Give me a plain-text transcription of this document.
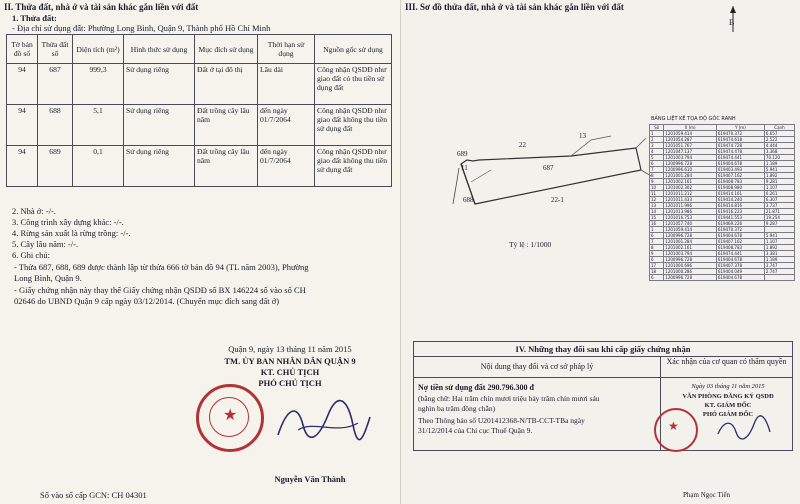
II. Thửa đất, nhà ở và tài sản khác gắn liền với đất
1. Thửa đất:
- Địa chỉ sử dụng đất: Phường Long Bình, Quận 9, Thành phố Hồ Chí Minh
Tờ bản đồ số	Thửa đất số	Diện tích (m²)	Hình thức sử dụng	Mục đích sử dụng	Thời hạn sử dụng	Nguồn gốc sử dụng
94	687	999,3	Sử dụng riêng	Đất ở tại đô thị	Lâu dài	Công nhận QSDĐ như giao đất có thu tiền sử dụng đất
94	688	5,1	Sử dụng riêng	Đất trồng cây lâu năm	đến ngày 01/7/2064	Công nhận QSDĐ như giao đất không thu tiền sử dụng đất
94	689	0,1	Sử dụng riêng	Đất trồng cây lâu năm	đến ngày 01/7/2064	Công nhận QSDĐ như giao đất không thu tiền sử dụng đất
2. Nhà ở: -/-.
3. Công trình xây dựng khác: -/-.
4. Rừng sản xuất là rừng trồng: -/-.
5. Cây lâu năm: -/-.
6. Ghi chú:
- Thửa 687, 688, 689 được thành lập từ thửa 666 tờ bản đồ 94 (TL năm 2003), Phường
Long Bình, Quận 9.
- Giấy chứng nhận này thay thế Giấy chứng nhận QSDĐ số BX 146224 số vào sổ CH
02646 do UBND Quận 9 cấp ngày 03/12/2014. (Chuyển mục đích sang đất ở)
Quận 9, ngày 13 tháng 11 năm 2015
TM. ỦY BAN NHÂN DÂN QUẬN 9
KT. CHỦ TỊCH
PHÓ CHỦ TỊCH
★
Nguyễn Văn Thành
Số vào sổ cấp GCN: CH 04301
III. Sơ đồ thửa đất, nhà ở và tài sản khác gắn liền với đất
B
689
22
13
11	687
688	22-1
Tỷ lệ : 1/1000
BẢNG LIỆT KÊ TỌA ĐỘ GÓC RANH
Số	X (m)	Y (m)	Cạnh
1	1201059.414	619470.372	6.657
2	1201054.287	619474.618	2.522
3	1201051.767	619474.728	4.444
4	1201047.137	619474.478	3.368
5	1201003.794	619474.441	70.120
6	1200996.728	619404.678	1.189
7	1200996.610	619403.493	5.941
8	1201001.284	619407.162	1.892
9	1201002.161	619408.783	9.281
10	1201002.302	619408.980	1.107
11	1201011.212	619414.161	6.261
12	1201011.433	619414.240	6.307
13	1201011.996	619414.816	3.737
14	1201013.986	619416.223	21.871
15	1201016.753	619441.553	19.254
16	1201057.740	619469.226	9.287
1	1201059.414	619470.372	
6	1200996.728	619404.678	5.941
7	1201001.284	619407.162	1.107
8	1201002.161	619408.783	1.892
9	1201003.794	619474.441	3.381
6	1200996.728	619404.678	1.189
17	1201000.696	619407.378	3.747
18	1201000.286	619404.049	2.747
6	1200996.728	619404.678	
IV. Những thay đổi sau khi cấp giấy chứng nhận
Nội dung thay đổi và cơ sở pháp lý
Xác nhận của cơ quan có thẩm quyền
Nợ tiền sử dụng đất 290.796.300 đ
(bằng chữ: Hai trăm chín mươi triệu bảy trăm chín mươi sáu
nghìn ba trăm đồng chẵn)
Theo Thông báo số U201412368-N/TB-CCT-TBa ngày
31/12/2014 của Chi cục Thuế Quận 9.
Ngày 03 tháng 11 năm 2015
VĂN PHÒNG ĐĂNG KÝ QSDĐ
KT. GIÁM ĐỐC
PHÓ GIÁM ĐỐC
★
Phạm Ngọc Tiến
